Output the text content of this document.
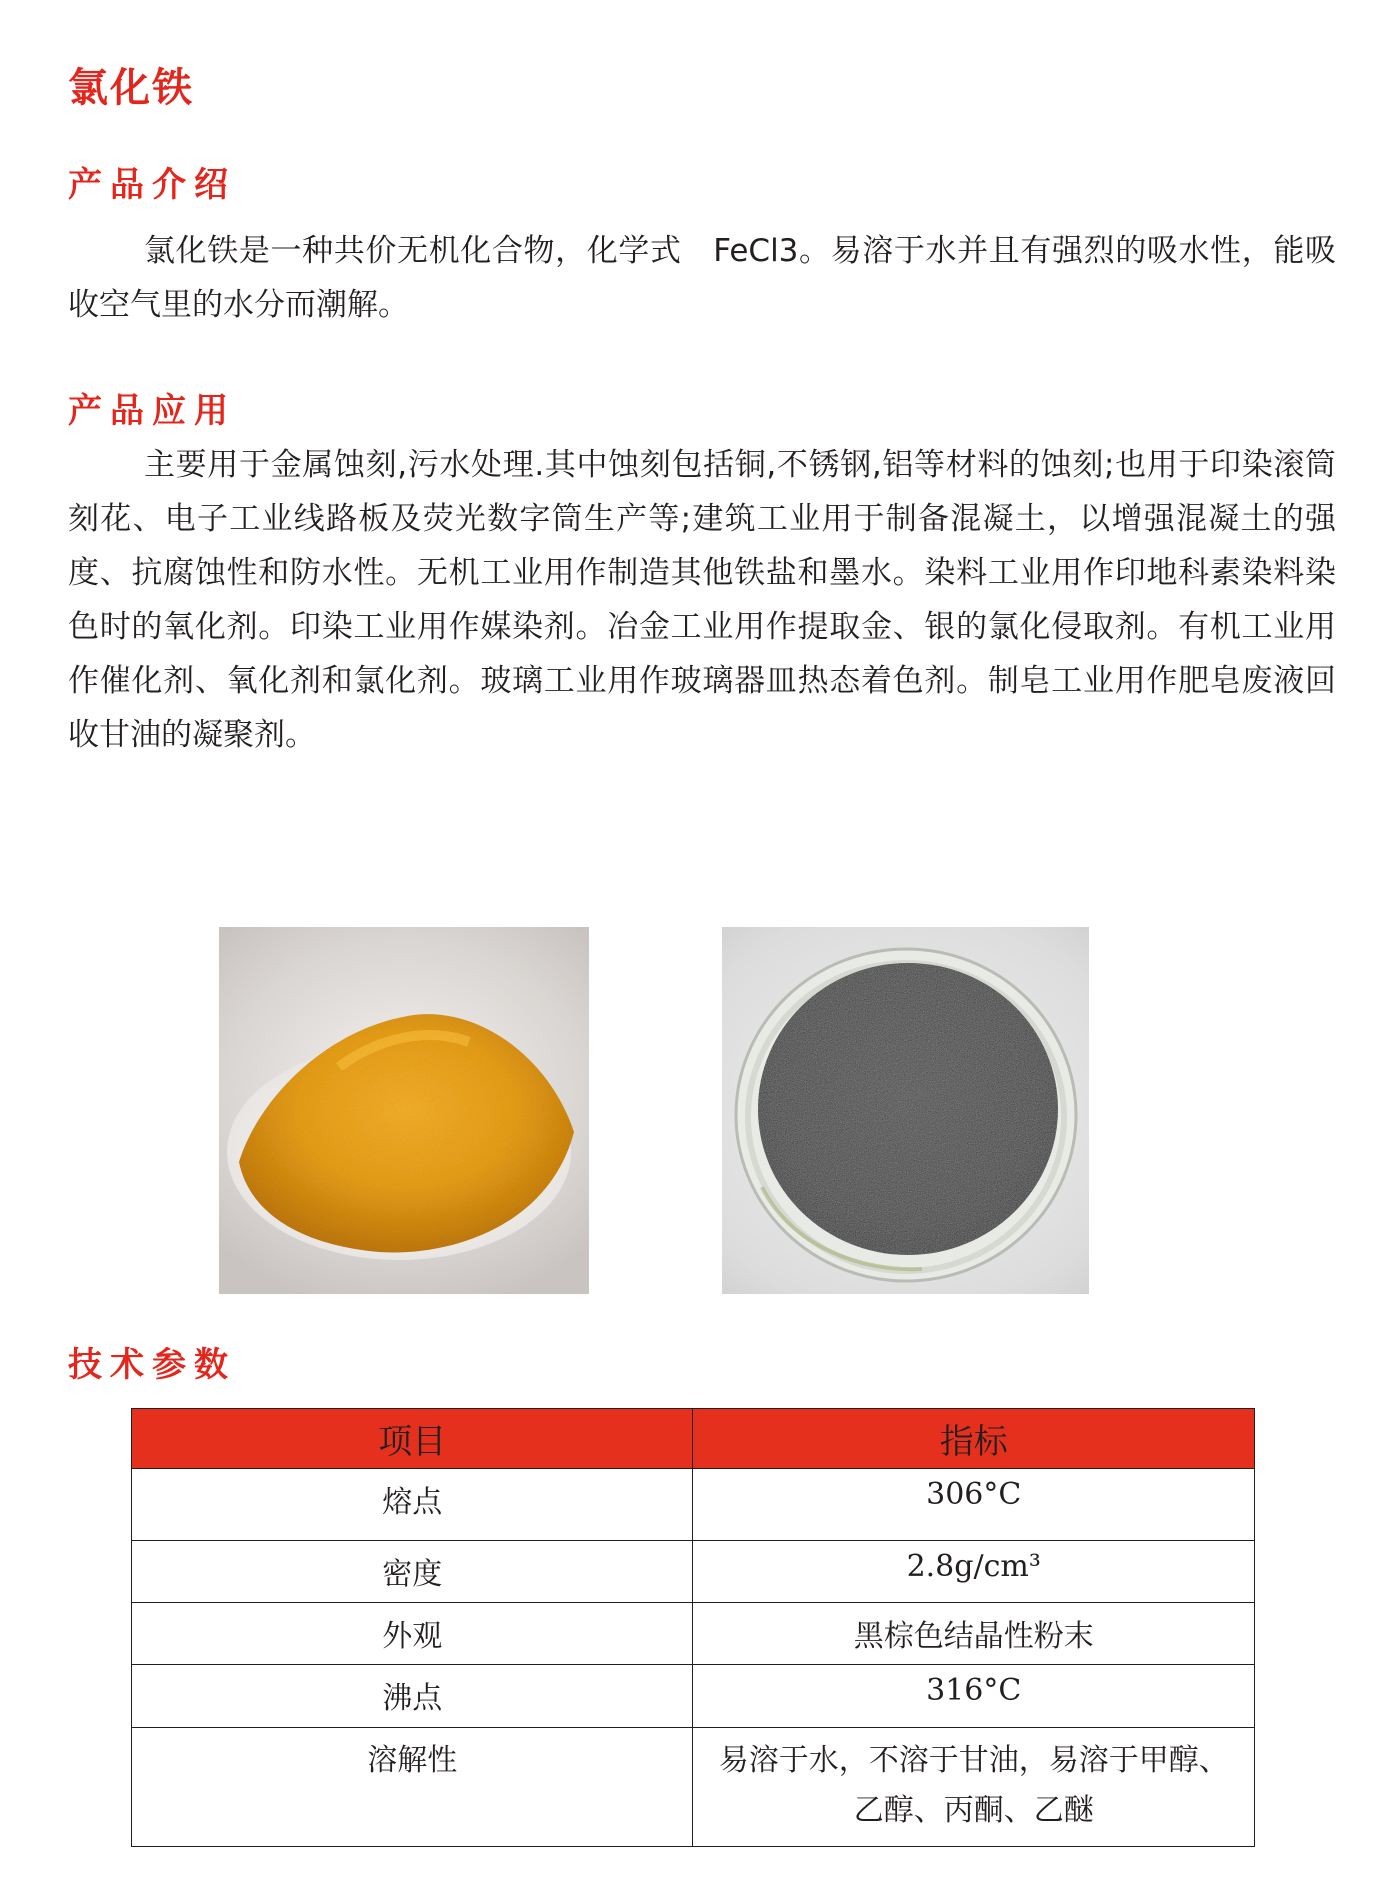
氯化铁
产品介绍

氯化铁是一种共价无机化合物，化学式　FeCl3。易溶于水并且有强烈的吸水性，能吸收空气里的水分而潮解。

产品应用

主要用于金属蚀刻,污水处理.其中蚀刻包括铜,不锈钢,铝等材料的蚀刻;也用于印染滚筒刻花、电子工业线路板及荧光数字筒生产等;建筑工业用于制备混凝土，以增强混凝土的强度、抗腐蚀性和防水性。无机工业用作制造其他铁盐和墨水。染料工业用作印地科素染料染色时的氧化剂。印染工业用作媒染剂。冶金工业用作提取金、银的氯化侵取剂。有机工业用作催化剂、氧化剂和氯化剂。玻璃工业用作玻璃器皿热态着色剂。制皂工业用作肥皂废液回收甘油的凝聚剂。

技术参数
项目	指标
熔点	306°C
密度	2.8g/cm³
外观	黑棕色结晶性粉末
沸点	316°C
溶解性	易溶于水，不溶于甘油，易溶于甲醇、乙醇、丙酮、乙醚
